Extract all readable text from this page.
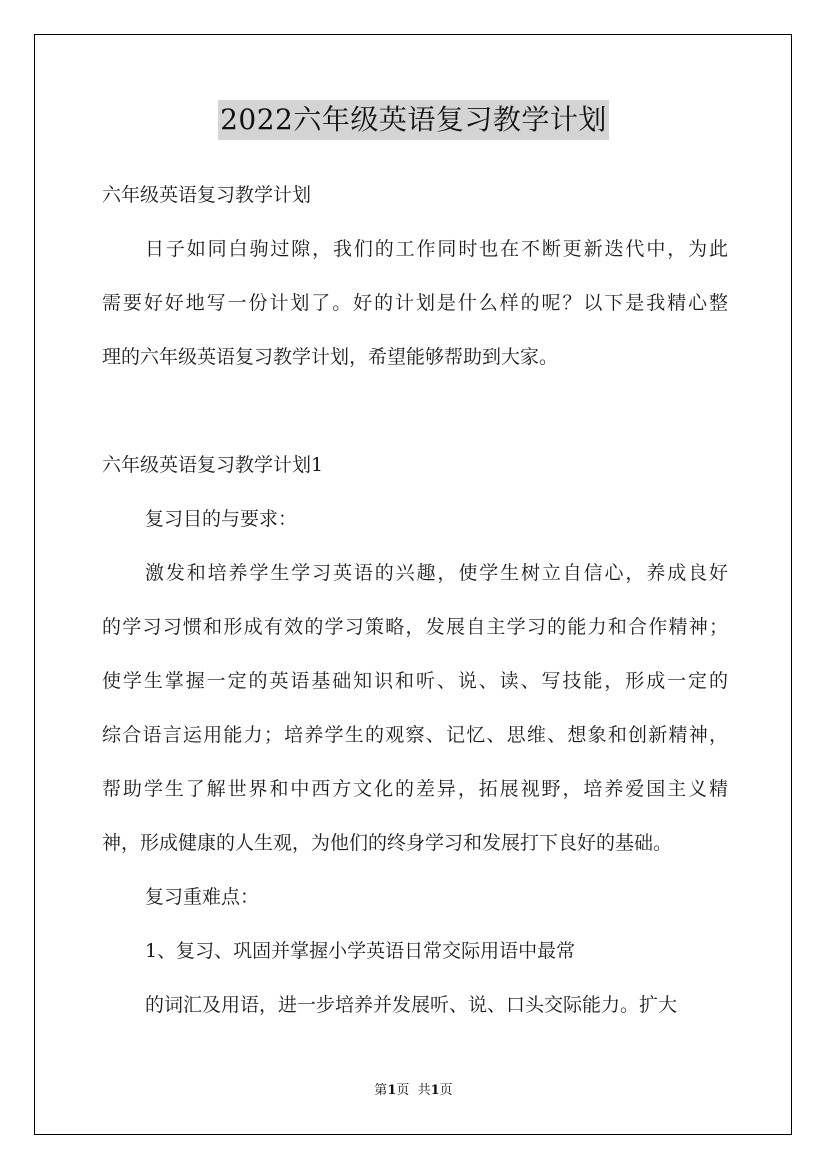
2022六年级英语复习教学计划
六年级英语复习教学计划
日子如同白驹过隙，我们的工作同时也在不断更新迭代中，为此
需要好好地写一份计划了。好的计划是什么样的呢？以下是我精心整
理的六年级英语复习教学计划，希望能够帮助到大家。
六年级英语复习教学计划1
复习目的与要求：
激发和培养学生学习英语的兴趣，使学生树立自信心，养成良好
的学习习惯和形成有效的学习策略，发展自主学习的能力和合作精神；
使学生掌握一定的英语基础知识和听、说、读、写技能，形成一定的
综合语言运用能力；培养学生的观察、记忆、思维、想象和创新精神，
帮助学生了解世界和中西方文化的差异，拓展视野，培养爱国主义精
神，形成健康的人生观，为他们的终身学习和发展打下良好的基础。
复习重难点：
1、复习、巩固并掌握小学英语日常交际用语中最常
的词汇及用语，进一步培养并发展听、说、口头交际能力。扩大
第1页  共1页
